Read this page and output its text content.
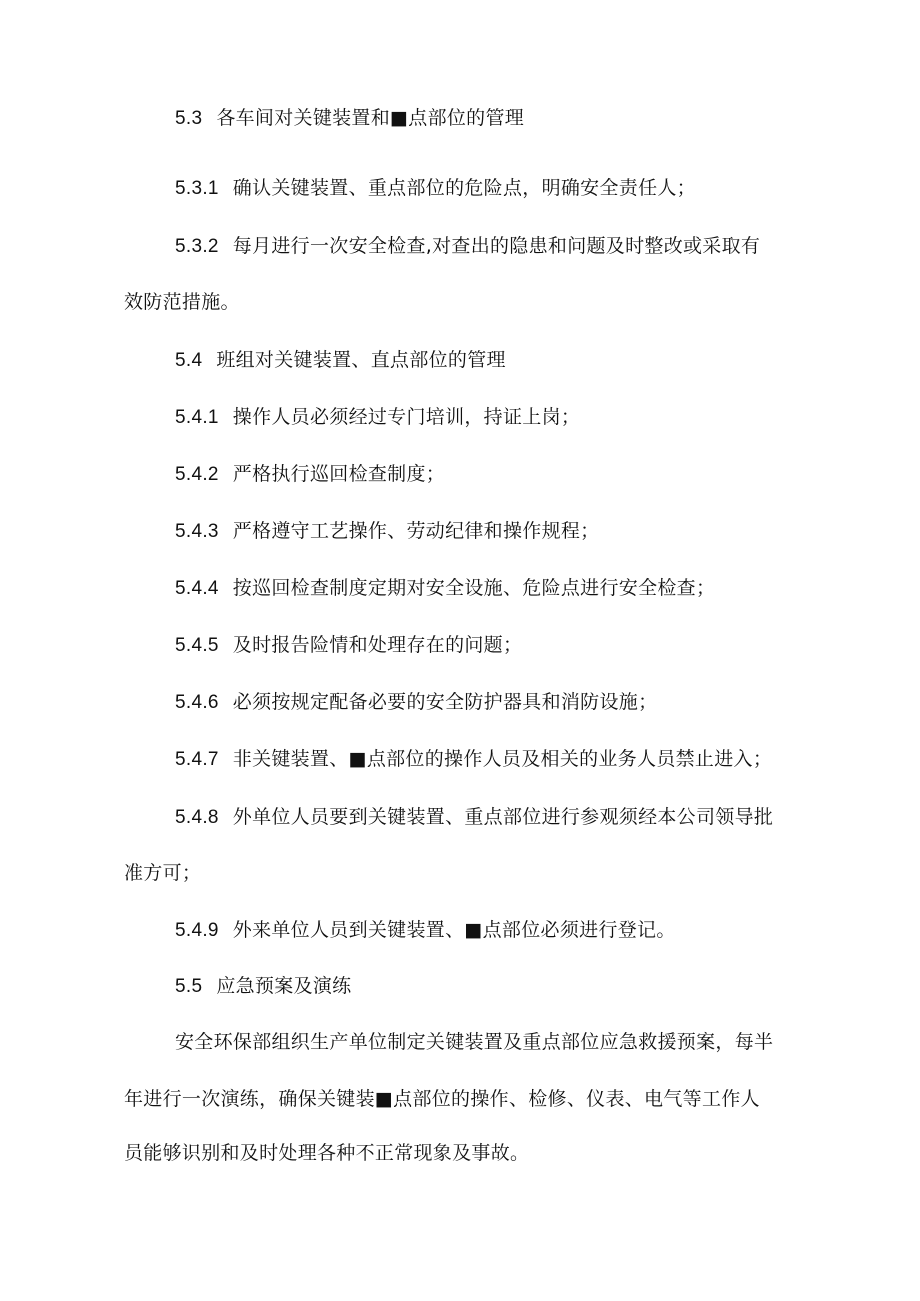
5.3 各车间对关键装置和■点部位的管理
5.3.1 确认关键装置、重点部位的危险点，明确安全责任人；
5.3.2 每月进行一次安全检查,对查出的隐患和问题及时整改或采取有
效防范措施。
5.4 班组对关键装置、直点部位的管理
5.4.1 操作人员必须经过专门培训，持证上岗；
5.4.2 严格执行巡回检查制度；
5.4.3 严格遵守工艺操作、劳动纪律和操作规程；
5.4.4 按巡回检查制度定期对安全设施、危险点进行安全检查；
5.4.5 及时报告险情和处理存在的问题；
5.4.6 必须按规定配备必要的安全防护器具和消防设施；
5.4.7 非关键装置、■点部位的操作人员及相关的业务人员禁止进入；
5.4.8 外单位人员要到关键装置、重点部位进行参观须经本公司领导批
准方可；
5.4.9 外来单位人员到关键装置、■点部位必须进行登记。
5.5 应急预案及演练
安全环保部组织生产单位制定关键装置及重点部位应急救援预案，每半
年进行一次演练，确保关键装■点部位的操作、检修、仪表、电气等工作人
员能够识别和及时处理各种不正常现象及事故。
